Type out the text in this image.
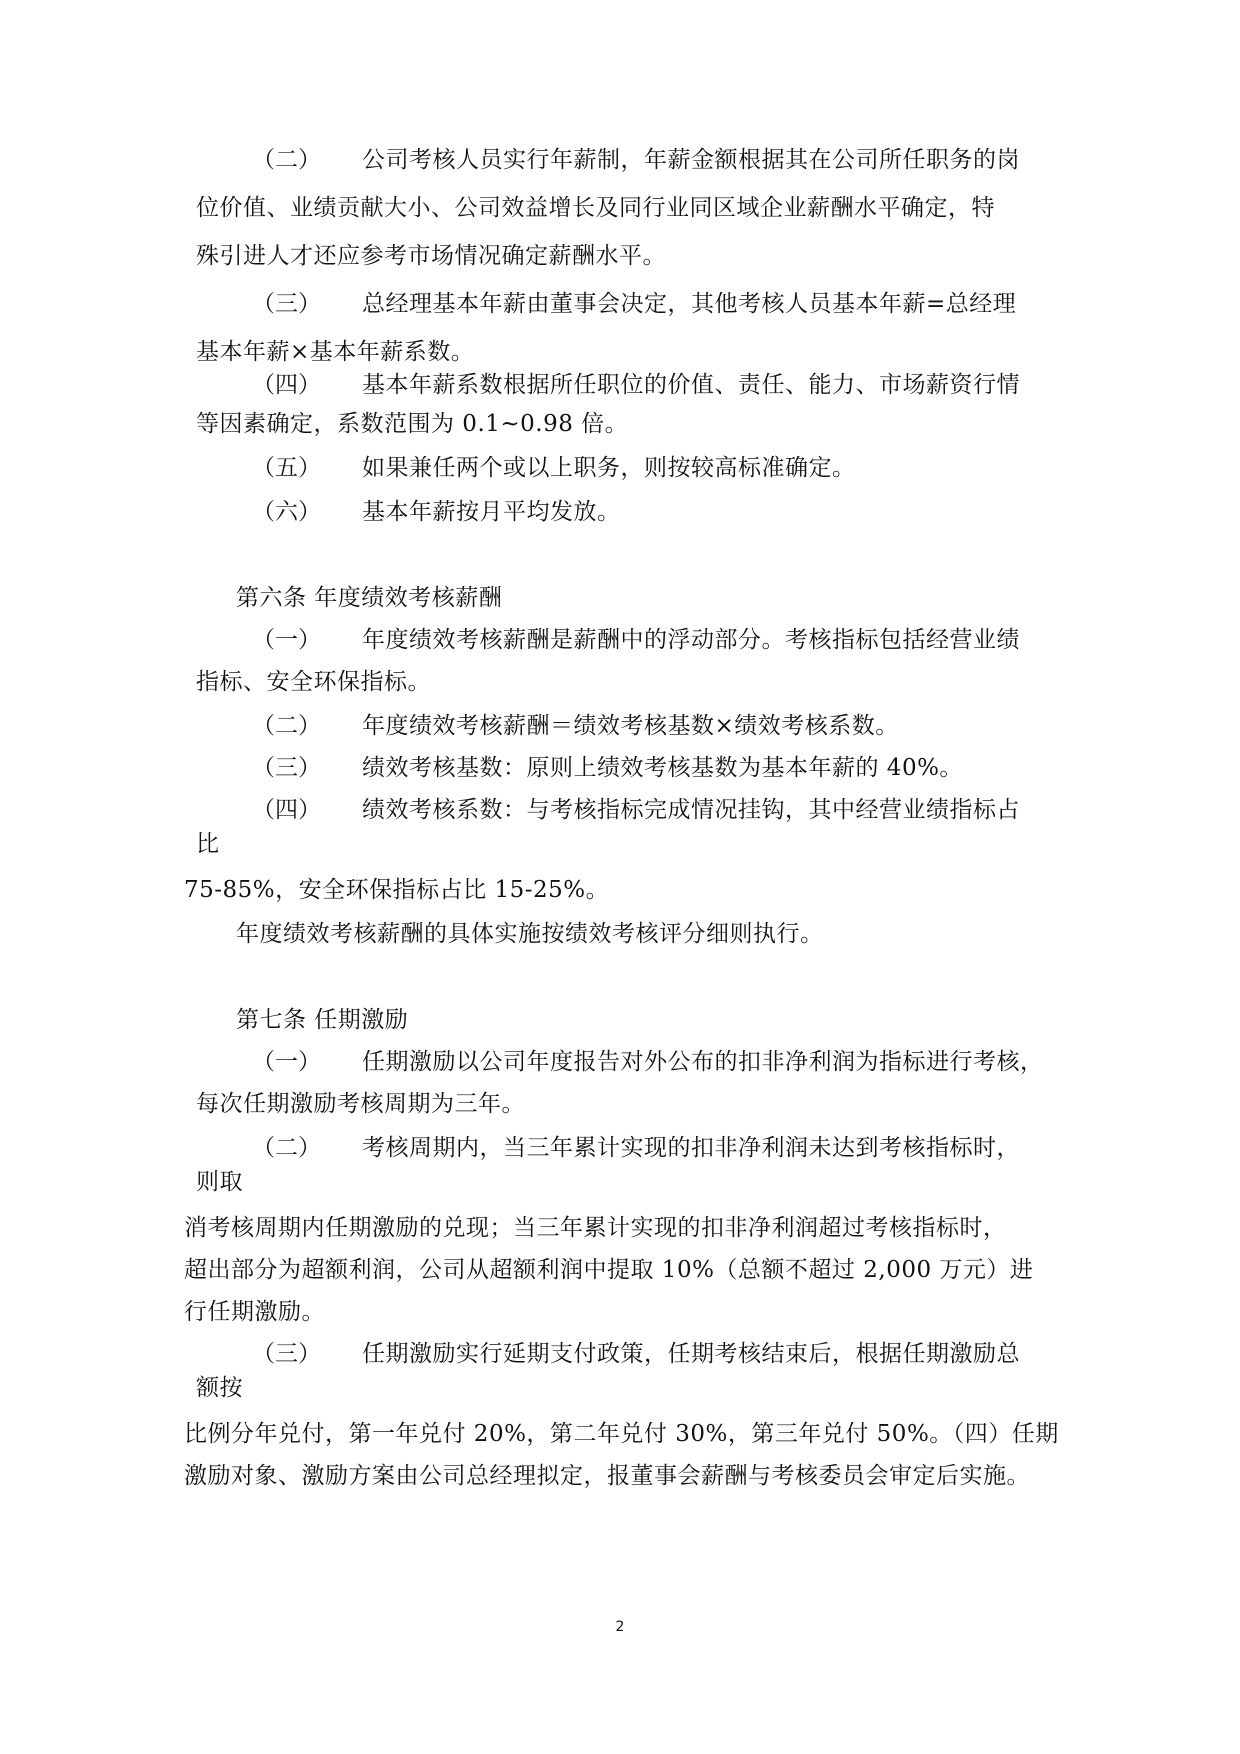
（二） 公司考核人员实行年薪制，年薪金额根据其在公司所任职务的岗
位价值、业绩贡献大小、公司效益增长及同行业同区域企业薪酬水平确定，特
殊引进人才还应参考市场情况确定薪酬水平。
（三） 总经理基本年薪由董事会决定，其他考核人员基本年薪=总经理
基本年薪×基本年薪系数。
（四） 基本年薪系数根据所任职位的价值、责任、能力、市场薪资行情
等因素确定，系数范围为 0.1~0.98 倍。
（五） 如果兼任两个或以上职务，则按较高标准确定。
（六） 基本年薪按月平均发放。
第六条 年度绩效考核薪酬
（一） 年度绩效考核薪酬是薪酬中的浮动部分。考核指标包括经营业绩
指标、安全环保指标。
（二） 年度绩效考核薪酬＝绩效考核基数×绩效考核系数。
（三） 绩效考核基数：原则上绩效考核基数为基本年薪的 40%。
（四） 绩效考核系数：与考核指标完成情况挂钩，其中经营业绩指标占
比
75-85%，安全环保指标占比 15-25%。
年度绩效考核薪酬的具体实施按绩效考核评分细则执行。
第七条 任期激励
（一） 任期激励以公司年度报告对外公布的扣非净利润为指标进行考核，
每次任期激励考核周期为三年。
（二） 考核周期内，当三年累计实现的扣非净利润未达到考核指标时，
则取
消考核周期内任期激励的兑现；当三年累计实现的扣非净利润超过考核指标时，
超出部分为超额利润，公司从超额利润中提取 10%（总额不超过 2,000 万元）进
行任期激励。
（三） 任期激励实行延期支付政策，任期考核结束后，根据任期激励总
额按
比例分年兑付，第一年兑付 20%，第二年兑付 30%，第三年兑付 50%。（四）任期
激励对象、激励方案由公司总经理拟定，报董事会薪酬与考核委员会审定后实施。
2
